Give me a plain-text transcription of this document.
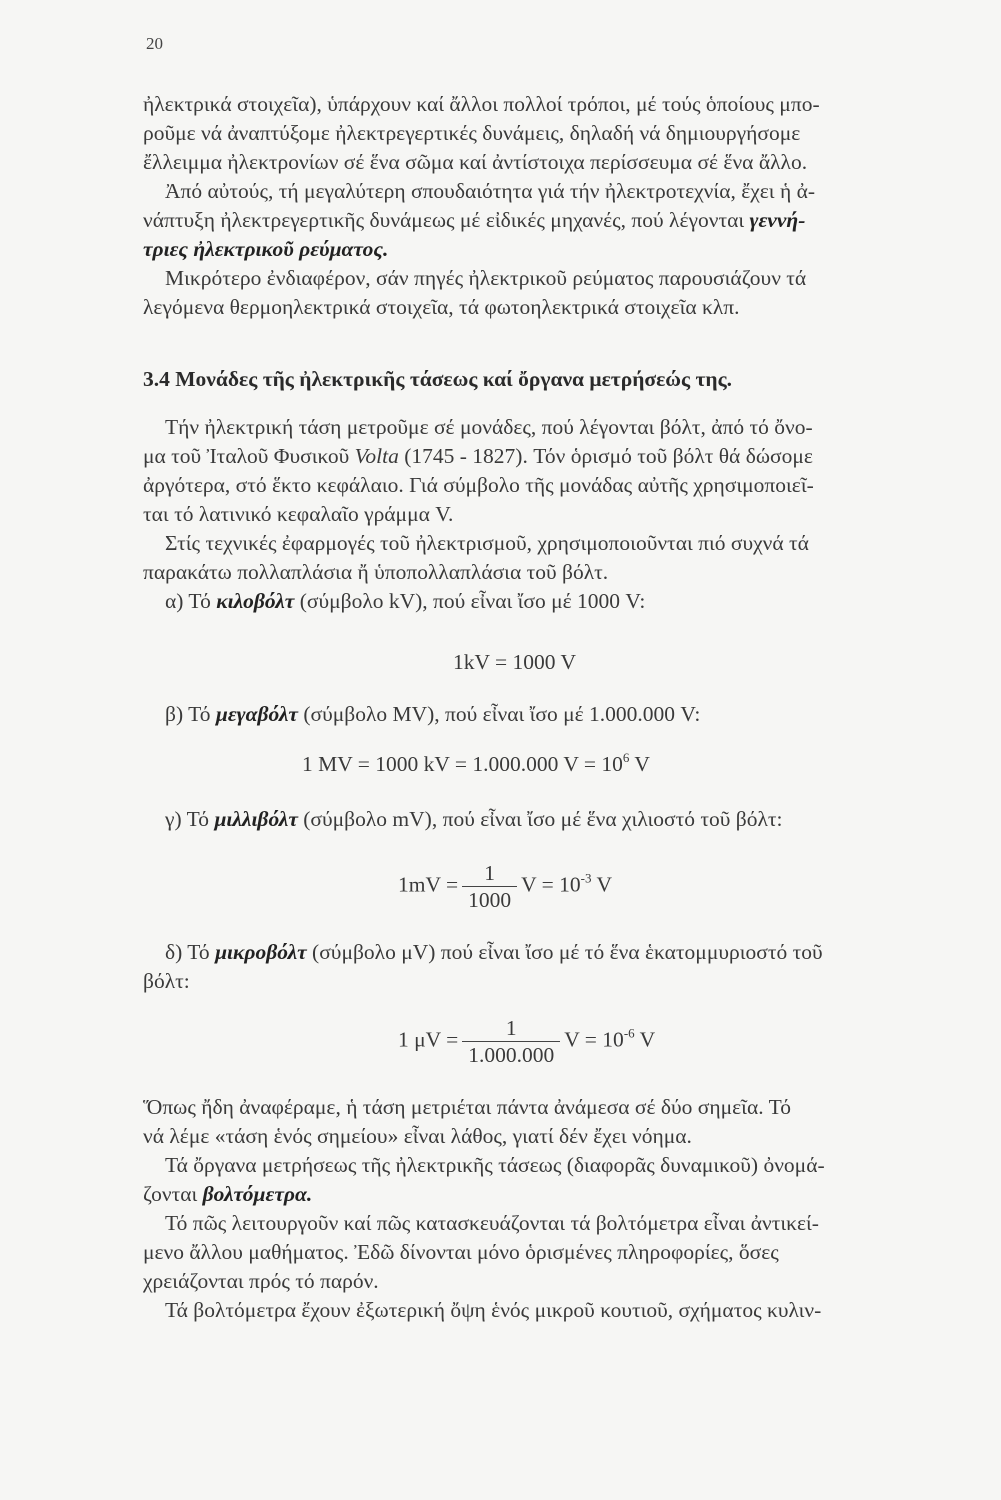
20
ἠλεκτρικά στοιχεῖα), ὑπάρχουν καί ἄλλοι πολλοί τρόποι, μέ τούς ὁποίους μπο-
ροῦμε νά ἀναπτύξομε ἠλεκτρεγερτικές δυνάμεις, δηλαδή νά δημιουργήσομε
ἔλλειμμα ἠλεκτρονίων σέ ἕνα σῶμα καί ἀντίστοιχα περίσσευμα σέ ἕνα ἄλλο.
Ἀπό αὐτούς, τή μεγαλύτερη σπουδαιότητα γιά τήν ἠλεκτροτεχνία, ἔχει ἡ ἀ-
νάπτυξη ἠλεκτρεγερτικῆς δυνάμεως μέ εἰδικές μηχανές, πού λέγονται γεννή-
τριες ἠλεκτρικοῦ ρεύματος.
Μικρότερο ἐνδιαφέρον, σάν πηγές ἠλεκτρικοῦ ρεύματος παρουσιάζουν τά
λεγόμενα θερμοηλεκτρικά στοιχεῖα, τά φωτοηλεκτρικά στοιχεῖα κλπ.
3.4 Μονάδες τῆς ἠλεκτρικῆς τάσεως καί ὄργανα μετρήσεώς της.
Τήν ἠλεκτρική τάση μετροῦμε σέ μονάδες, πού λέγονται βόλτ, ἀπό τό ὄνο-
μα τοῦ Ἰταλοῦ Φυσικοῦ Volta (1745 - 1827). Τόν ὁρισμό τοῦ βόλτ θά δώσομε
ἀργότερα, στό ἕκτο κεφάλαιο. Γιά σύμβολο τῆς μονάδας αὐτῆς χρησιμοποιεῖ-
ται τό λατινικό κεφαλαῖο γράμμα V.
Στίς τεχνικές ἐφαρμογές τοῦ ἠλεκτρισμοῦ, χρησιμοποιοῦνται πιό συχνά τά
παρακάτω πολλαπλάσια ἤ ὑποπολλαπλάσια τοῦ βόλτ.
α) Τό κιλοβόλτ (σύμβολο kV), πού εἶναι ἴσο μέ 1000 V:
1kV = 1000 V
β) Τό μεγαβόλτ (σύμβολο MV), πού εἶναι ἴσο μέ 1.000.000 V:
1 MV = 1000 kV = 1.000.000 $V = 10^6$ V
γ) Τό μιλλιβόλτ (σύμβολο mV), πού εἶναι ἴσο μέ ἕνα χιλιοστό τοῦ βόλτ:
$1mV = \frac{1}{1000}$ $V = 10^{-3}$ V
δ) Τό μικροβόλτ (σύμβολο μV) πού εἶναι ἴσο μέ τό ἕνα ἑκατομμυριοστό τοῦ
βόλτ:
1 $\mu V = \frac{1}{1.000.000}$ $V = 10^{-6}$ V
Ὅπως ἤδη ἀναφέραμε, ἡ τάση μετριέται πάντα ἀνάμεσα σέ δύο σημεῖα. Τό
νά λέμε «τάση ἑνός σημείου» εἶναι λάθος, γιατί δέν ἔχει νόημα.
Τά ὄργανα μετρήσεως τῆς ἠλεκτρικῆς τάσεως (διαφορᾶς δυναμικοῦ) ὀνομά-
ζονται βολτόμετρα.
Τό πῶς λειτουργοῦν καί πῶς κατασκευάζονται τά βολτόμετρα εἶναι ἀντικεί-
μενο ἄλλου μαθήματος. Ἐδῶ δίνονται μόνο ὁρισμένες πληροφορίες, ὅσες
χρειάζονται πρός τό παρόν.
Τά βολτόμετρα ἔχουν ἐξωτερική ὄψη ἑνός μικροῦ κουτιοῦ, σχήματος κυλιν-
